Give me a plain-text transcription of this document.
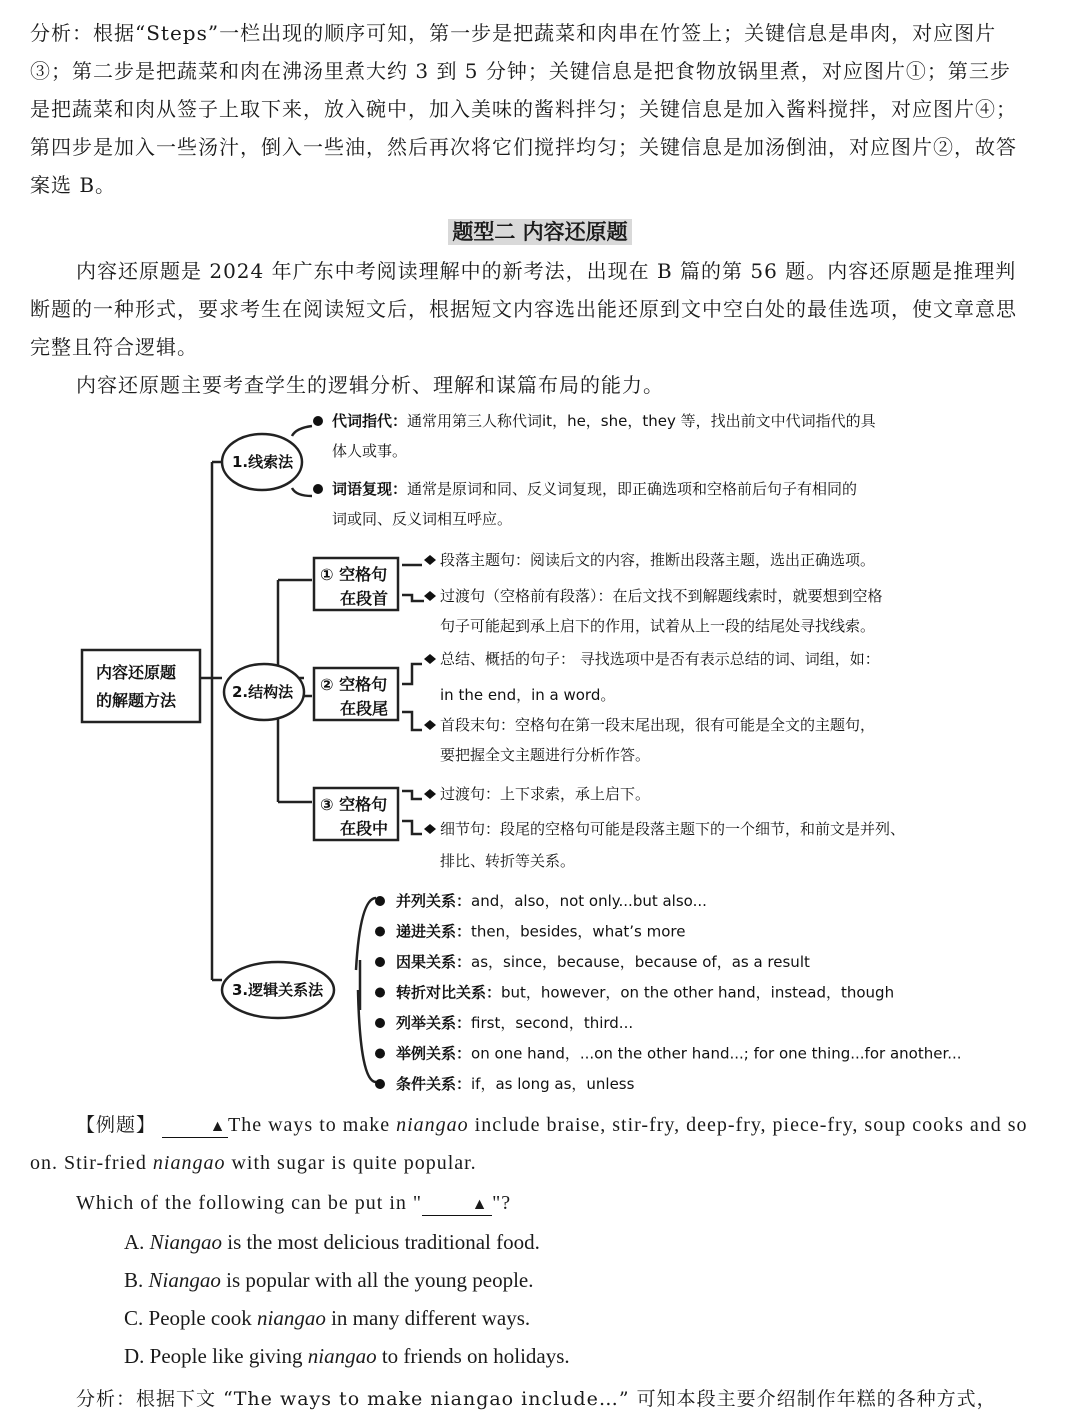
分析：根据“Steps”一栏出现的顺序可知，第一步是把蔬菜和肉串在竹签上；关键信息是串肉，对应图片③；第二步是把蔬菜和肉在沸汤里煮大约 3 到 5 分钟；关键信息是把食物放锅里煮，对应图片①；第三步是把蔬菜和肉从签子上取下来，放入碗中，加入美味的酱料拌匀；关键信息是加入酱料搅拌，对应图片④；第四步是加入一些汤汁，倒入一些油，然后再次将它们搅拌均匀；关键信息是加汤倒油，对应图片②，故答案选 B。
题型二 内容还原题
内容还原题是 2024 年广东中考阅读理解中的新考法，出现在 B 篇的第 56 题。内容还原题是推理判断题的一种形式，要求考生在阅读短文后，根据短文内容选出能还原到文中空白处的最佳选项，使文章意思完整且符合逻辑。
内容还原题主要考查学生的逻辑分析、理解和谋篇布局的能力。
内容还原题
的解题方法
1.线索法
代词指代：通常用第三人称代词it，he，she，they 等，找出前文中代词指代的具
体人或事。
词语复现：通常是原词和同、反义词复现，即正确选项和空格前后句子有相同的
词或同、反义词相互呼应。
2.结构法
① 空格句
在段首
段落主题句：阅读后文的内容，推断出段落主题，选出正确选项。
过渡句（空格前有段落）：在后文找不到解题线索时，就要想到空格
句子可能起到承上启下的作用，试着从上一段的结尾处寻找线索。
② 空格句
在段尾
总结、概括的句子： 寻找选项中是否有表示总结的词、词组，如：
in the end，in a word。
首段末句：空格句在第一段末尾出现，很有可能是全文的主题句，
要把握全文主题进行分析作答。
③ 空格句
在段中
过渡句：上下求索，承上启下。
细节句：段尾的空格句可能是段落主题下的一个细节，和前文是并列、
排比、转折等关系。
3.逻辑关系法
并列关系：and，also，not only...but also...
递进关系：then，besides，what’s more
因果关系：as，since，because，because of，as a result
转折对比关系：but，however，on the other hand，instead，though
列举关系：first，second，third...
举例关系：on one hand，...on the other hand...; for one thing...for another...
条件关系：if，as long as，unless
【例题】	▲The ways to make niangao include braise, stir-fry, deep-fry, piece-fry, soup cooks and so on. Stir-fried niangao with sugar is quite popular.
Which of the following can be put in "	▲ "?
A. Niangao is the most delicious traditional food.
B. Niangao is popular with all the young people.
C. People cook niangao in many different ways.
D. People like giving niangao to friends on holidays.
分析：根据下文 “The ways to make niangao include…” 可知本段主要介绍制作年糕的各种方式，
